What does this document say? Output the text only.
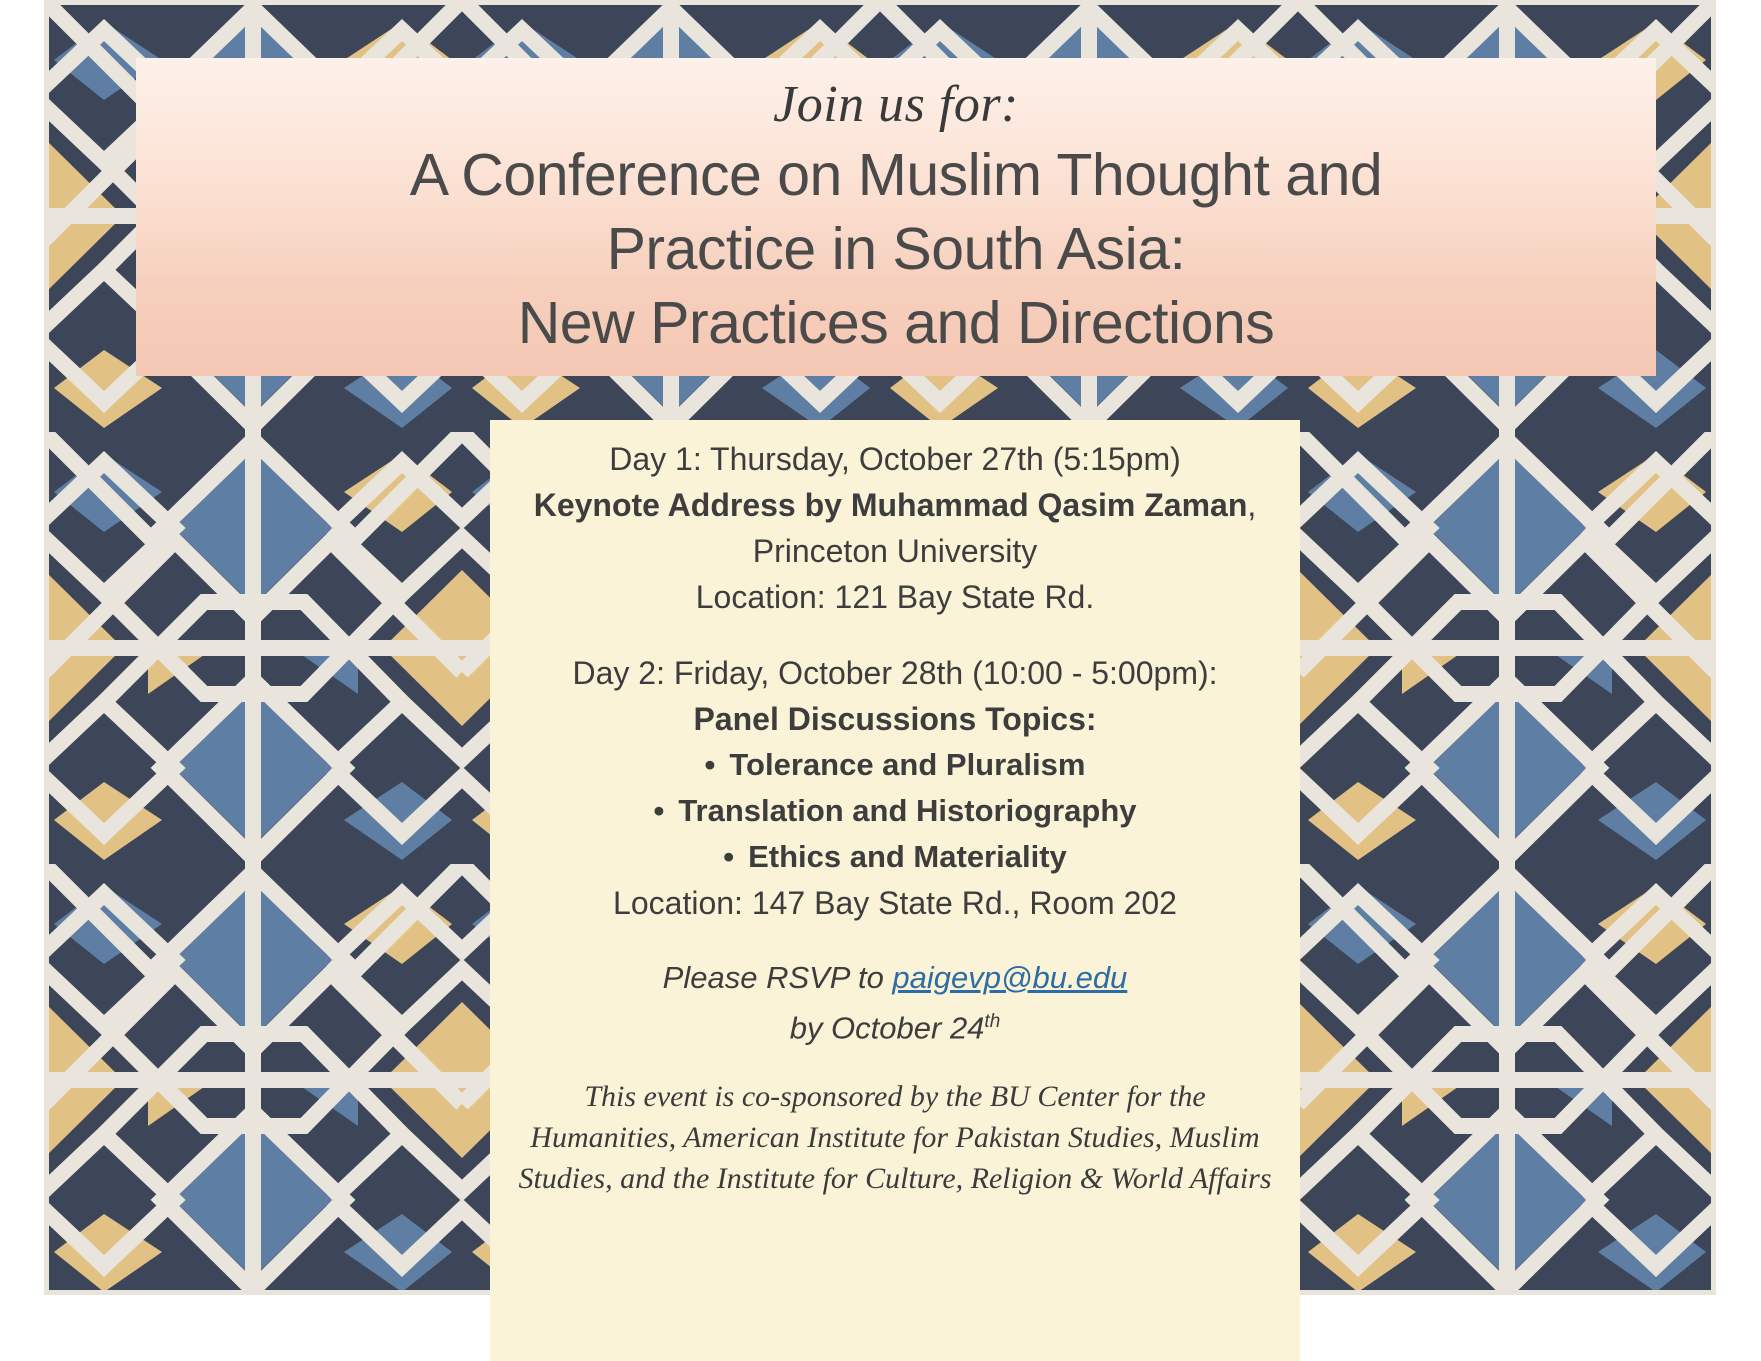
Join us for:
A Conference on Muslim Thought and
Practice in South Asia:
New Practices and Directions
Day 1: Thursday, October 27th (5:15pm)
Keynote Address by Muhammad Qasim Zaman,
Princeton University
Location: 121 Bay State Rd.
Day 2: Friday, October 28th (10:00 - 5:00pm):
Panel Discussions Topics:
• Tolerance and Pluralism
• Translation and Historiography
• Ethics and Materiality
Location: 147 Bay State Rd., Room 202
Please RSVP to paigevp@bu.edu
by October 24th
This event is co-sponsored by the BU Center for the Humanities, American Institute for Pakistan Studies, Muslim Studies, and the Institute for Culture, Religion & World Affairs
